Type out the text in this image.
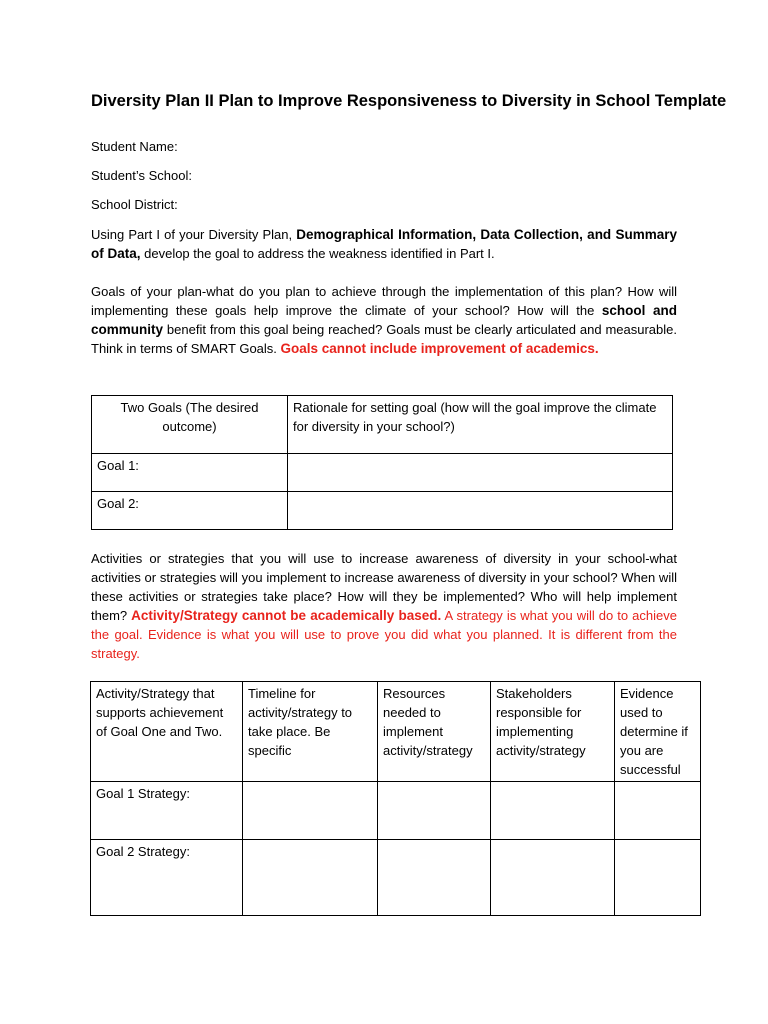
Diversity Plan II Plan to Improve Responsiveness to Diversity in School Template
Student Name:
Student’s School:
School District:
Using Part I of your Diversity Plan, Demographical Information, Data Collection, and Summary of Data, develop the goal to address the weakness identified in Part I.
Goals of your plan-what do you plan to achieve through the implementation of this plan? How will implementing these goals help improve the climate of your school? How will the school and community benefit from this goal being reached? Goals must be clearly articulated and measurable. Think in terms of SMART Goals. Goals cannot include improvement of academics.
Two Goals (The desired outcome)	Rationale for setting goal (how will the goal improve the climate for diversity in your school?)
Goal 1:	
Goal 2:	
Activities or strategies that you will use to increase awareness of diversity in your school-what activities or strategies will you implement to increase awareness of diversity in your school? When will these activities or strategies take place? How will they be implemented? Who will help implement them? Activity/Strategy cannot be academically based. A strategy is what you will do to achieve the goal. Evidence is what you will use to prove you did what you planned. It is different from the strategy.
Activity/Strategy that supports achievement of Goal One and Two.	Timeline for activity/strategy to take place. Be specific	Resources needed to implement activity/strategy	Stakeholders responsible for implementing activity/strategy	Evidence used to determine if you are successful
Goal 1 Strategy:				
Goal 2 Strategy:				
